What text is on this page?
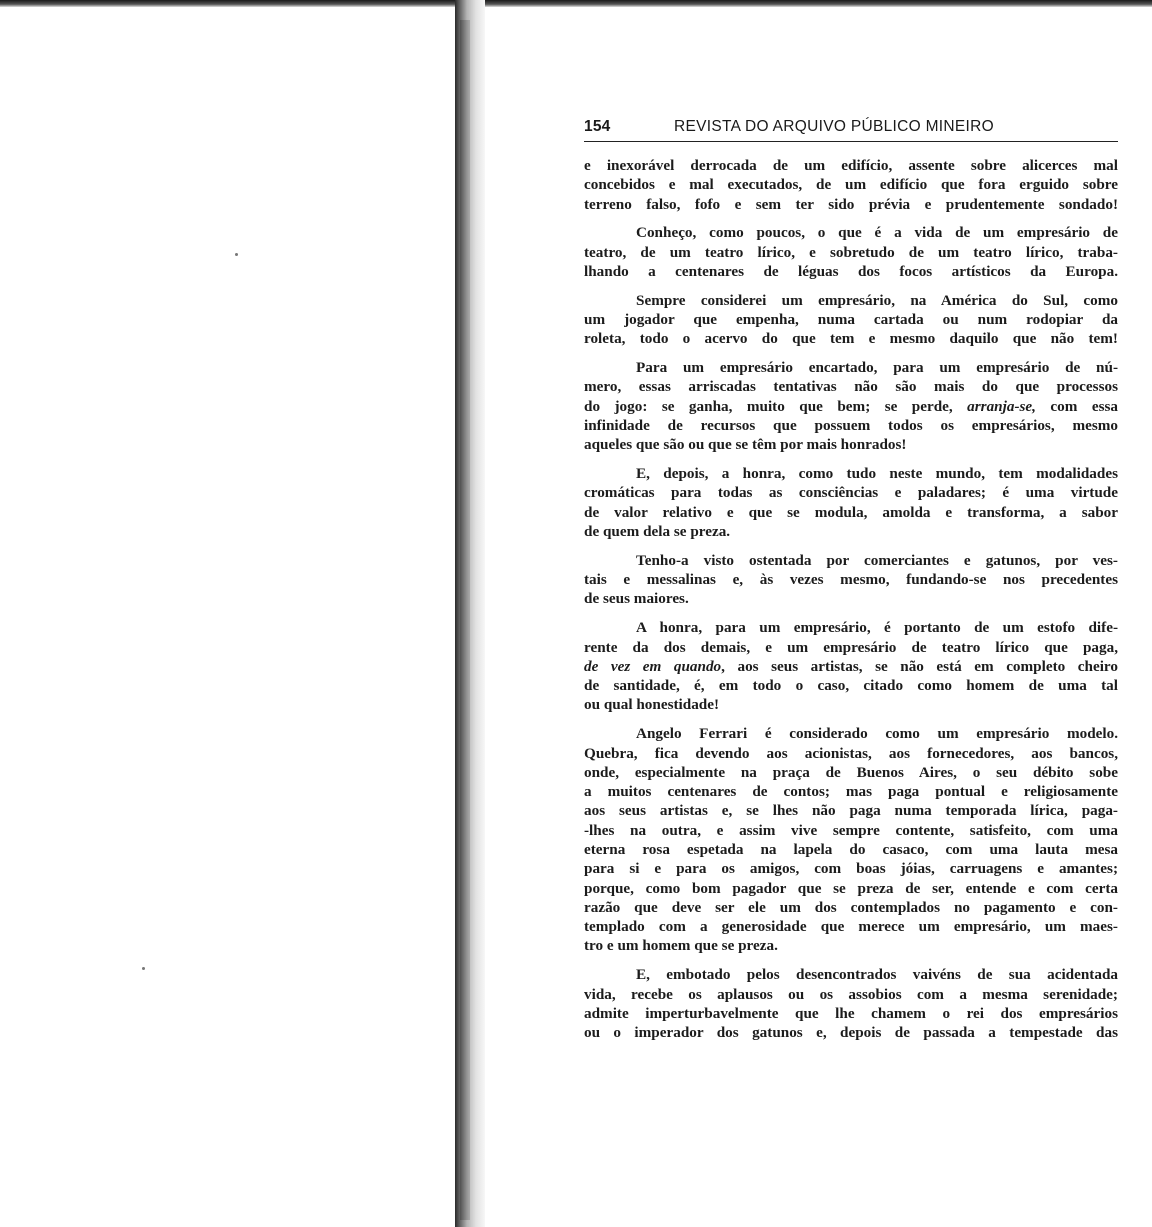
154	REVISTA DO ARQUIVO PÚBLICO MINEIRO

e inexorável derrocada de um edifício, assente sobre alicerces mal
concebidos e mal executados, de um edifício que fora erguido sobre
terreno falso, fofo e sem ter sido prévia e prudentemente sondado!

Conheço, como poucos, o que é a vida de um empresário de
teatro, de um teatro lírico, e sobretudo de um teatro lírico, traba-
lhando a centenares de léguas dos focos artísticos da Europa.

Sempre considerei um empresário, na América do Sul, como
um jogador que empenha, numa cartada ou num rodopiar da
roleta, todo o acervo do que tem e mesmo daquilo que não tem!

Para um empresário encartado, para um empresário de nú-
mero, essas arriscadas tentativas não são mais do que processos
do jogo: se ganha, muito que bem; se perde, arranja-se, com essa
infinidade de recursos que possuem todos os empresários, mesmo
aqueles que são ou que se têm por mais honrados!

E, depois, a honra, como tudo neste mundo, tem modalidades
cromáticas para todas as consciências e paladares; é uma virtude
de valor relativo e que se modula, amolda e transforma, a sabor
de quem dela se preza.

Tenho-a visto ostentada por comerciantes e gatunos, por ves-
tais e messalinas e, às vezes mesmo, fundando-se nos precedentes
de seus maiores.

A honra, para um empresário, é portanto de um estofo dife-
rente da dos demais, e um empresário de teatro lírico que paga,
de vez em quando, aos seus artistas, se não está em completo cheiro
de santidade, é, em todo o caso, citado como homem de uma tal
ou qual honestidade!

Angelo Ferrari é considerado como um empresário modelo.
Quebra, fica devendo aos acionistas, aos fornecedores, aos bancos,
onde, especialmente na praça de Buenos Aires, o seu débito sobe
a muitos centenares de contos; mas paga pontual e religiosamente
aos seus artistas e, se lhes não paga numa temporada lírica, paga-
-lhes na outra, e assim vive sempre contente, satisfeito, com uma
eterna rosa espetada na lapela do casaco, com uma lauta mesa
para si e para os amigos, com boas jóias, carruagens e amantes;
porque, como bom pagador que se preza de ser, entende e com certa
razão que deve ser ele um dos contemplados no pagamento e con-
templado com a generosidade que merece um empresário, um maes-
tro e um homem que se preza.

E, embotado pelos desencontrados vaivéns de sua acidentada
vida, recebe os aplausos ou os assobios com a mesma serenidade;
admite imperturbavelmente que lhe chamem o rei dos empresários
ou o imperador dos gatunos e, depois de passada a tempestade das
